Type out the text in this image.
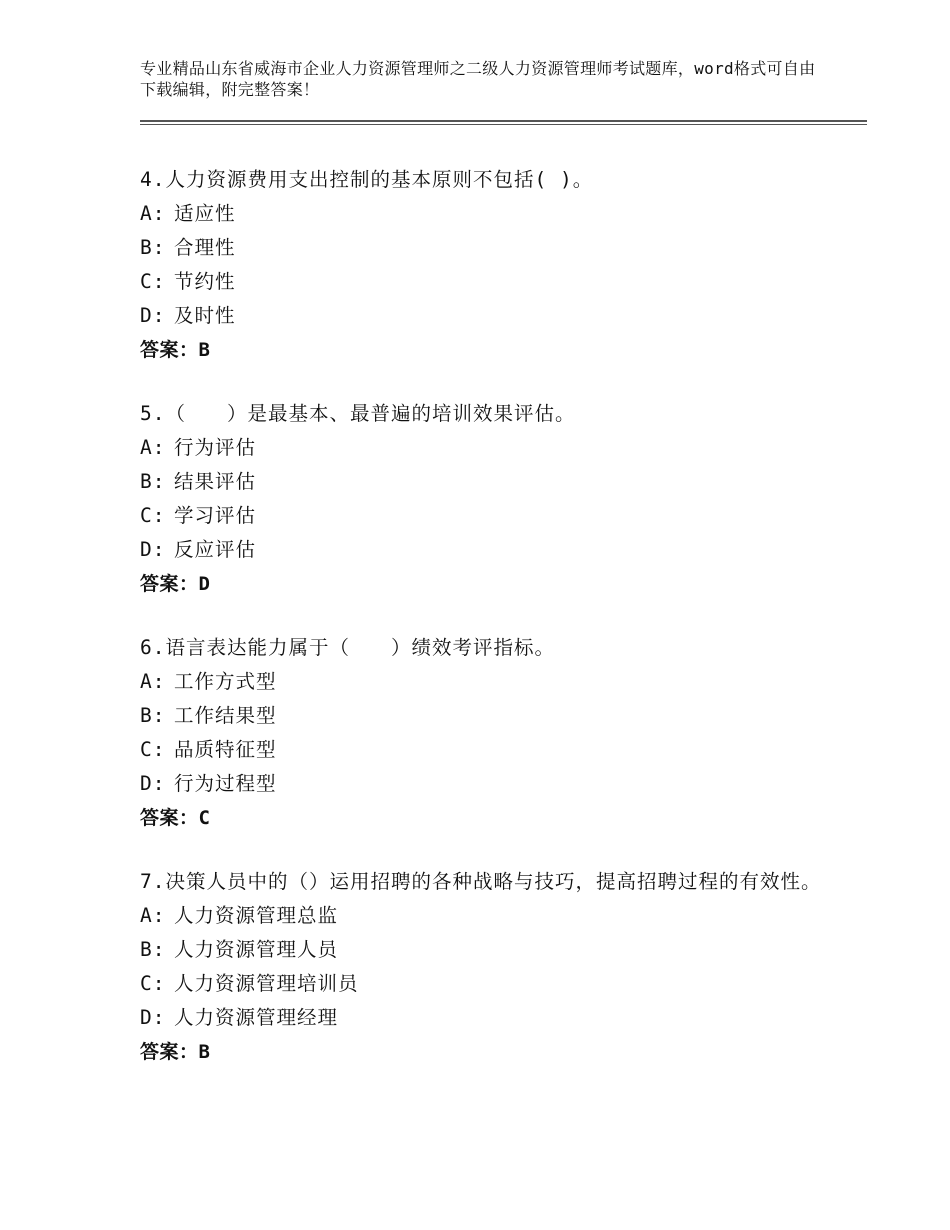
专业精品山东省威海市企业人力资源管理师之二级人力资源管理师考试题库，word格式可自由下载编辑，附完整答案！

4.人力资源费用支出控制的基本原则不包括( )。

A: 适应性

B: 合理性

C: 节约性

D: 及时性

答案：B

5.（　　）是最基本、最普遍的培训效果评估。

A: 行为评估

B: 结果评估

C: 学习评估

D: 反应评估

答案：D

6.语言表达能力属于（　　）绩效考评指标。

A: 工作方式型

B: 工作结果型

C: 品质特征型

D: 行为过程型

答案：C

7.决策人员中的（）运用招聘的各种战略与技巧，提高招聘过程的有效性。

A: 人力资源管理总监

B: 人力资源管理人员

C: 人力资源管理培训员

D: 人力资源管理经理

答案：B
